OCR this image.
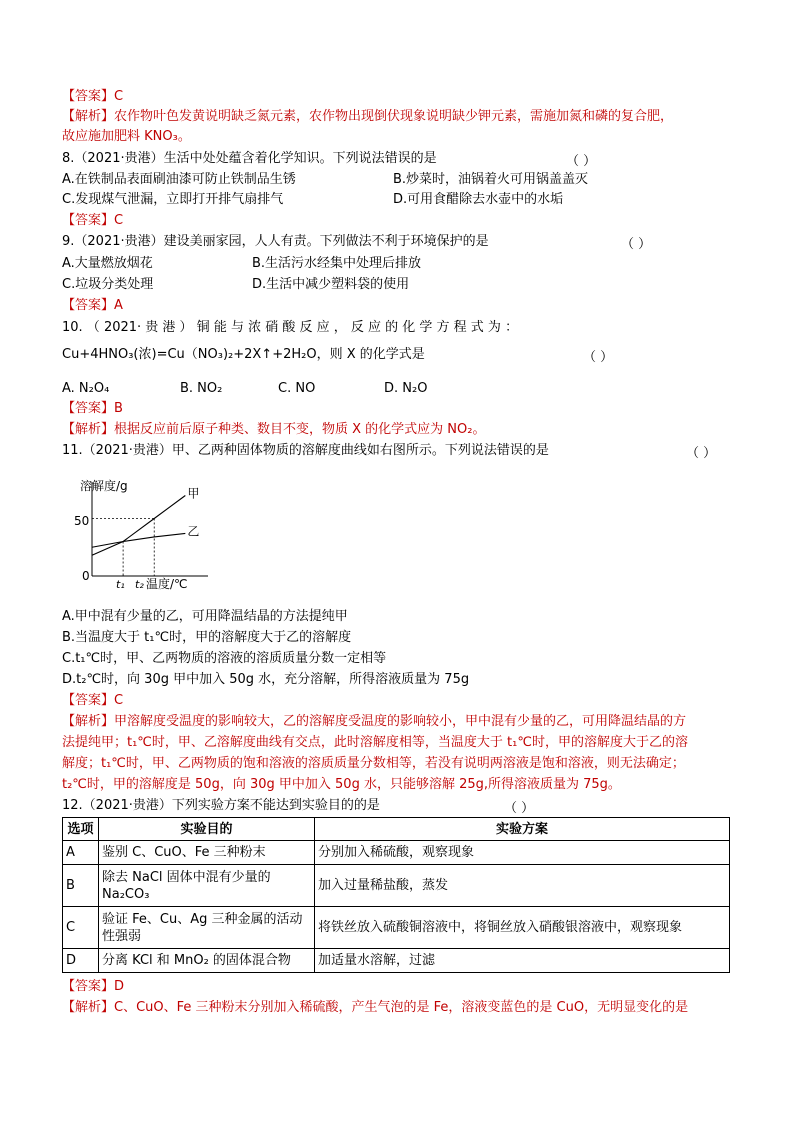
【答案】C
【解析】农作物叶色发黄说明缺乏氮元素，农作物出现倒伏现象说明缺少钾元素，需施加氮和磷的复合肥，
故应施加肥料 KNO₃。
8.（2021·贵港）生活中处处蕴含着化学知识。下列说法错误的是	（ ）
A.在铁制品表面刷油漆可防止铁制品生锈	B.炒菜时，油锅着火可用锅盖盖灭
C.发现煤气泄漏，立即打开排气扇排气	D.可用食醋除去水壶中的水垢
【答案】C
9.（2021·贵港）建设美丽家园，人人有责。下列做法不利于环境保护的是	（ ）
A.大量燃放烟花	B.生活污水经集中处理后排放
C.垃圾分类处理	D.生活中减少塑料袋的使用
【答案】A
10. （ 2021· 贵 港 ） 铜 能 与 浓 硝 酸 反 应 ， 反 应 的 化 学 方 程 式 为 ：
Cu+4HNO₃(浓)=Cu（NO₃)₂+2X↑+2H₂O，则 X 的化学式是	（ ）
A. N₂O₄	B. NO₂	C. NO	D. N₂O
【答案】B
【解析】根据反应前后原子种类、数目不变，物质 X 的化学式应为 NO₂。
11.（2021·贵港）甲、乙两种固体物质的溶解度曲线如右图所示。下列说法错误的是	（ ）
溶解度/g
温度/℃
0
50
t₁ t₂
甲
乙
A.甲中混有少量的乙，可用降温结晶的方法提纯甲
B.当温度大于 t₁℃时，甲的溶解度大于乙的溶解度
C.t₁℃时，甲、乙两物质的溶液的溶质质量分数一定相等
D.t₂℃时，向 30g 甲中加入 50g 水，充分溶解，所得溶液质量为 75g
【答案】C
【解析】甲溶解度受温度的影响较大，乙的溶解度受温度的影响较小，甲中混有少量的乙，可用降温结晶的方
法提纯甲；t₁℃时，甲、乙溶解度曲线有交点，此时溶解度相等，当温度大于 t₁℃时，甲的溶解度大于乙的溶
解度；t₁℃时，甲、乙两物质的饱和溶液的溶质质量分数相等，若没有说明两溶液是饱和溶液，则无法确定；
t₂℃时，甲的溶解度是 50g，向 30g 甲中加入 50g 水，只能够溶解 25g,所得溶液质量为 75g。
12.（2021·贵港）下列实验方案不能达到实验目的的是	（ ）
选项	实验目的	实验方案
A	鉴别 C、CuO、Fe 三种粉末	分别加入稀硫酸，观察现象
B	除去 NaCl 固体中混有少量的
Na₂CO₃	加入过量稀盐酸，蒸发
C	验证 Fe、Cu、Ag 三种金属的活动
性强弱	将铁丝放入硫酸铜溶液中，将铜丝放入硝酸银溶液中，观察现象
D	分离 KCl 和 MnO₂ 的固体混合物	加适量水溶解，过滤
【答案】D
【解析】C、CuO、Fe 三种粉末分别加入稀硫酸，产生气泡的是 Fe，溶液变蓝色的是 CuO，无明显变化的是
